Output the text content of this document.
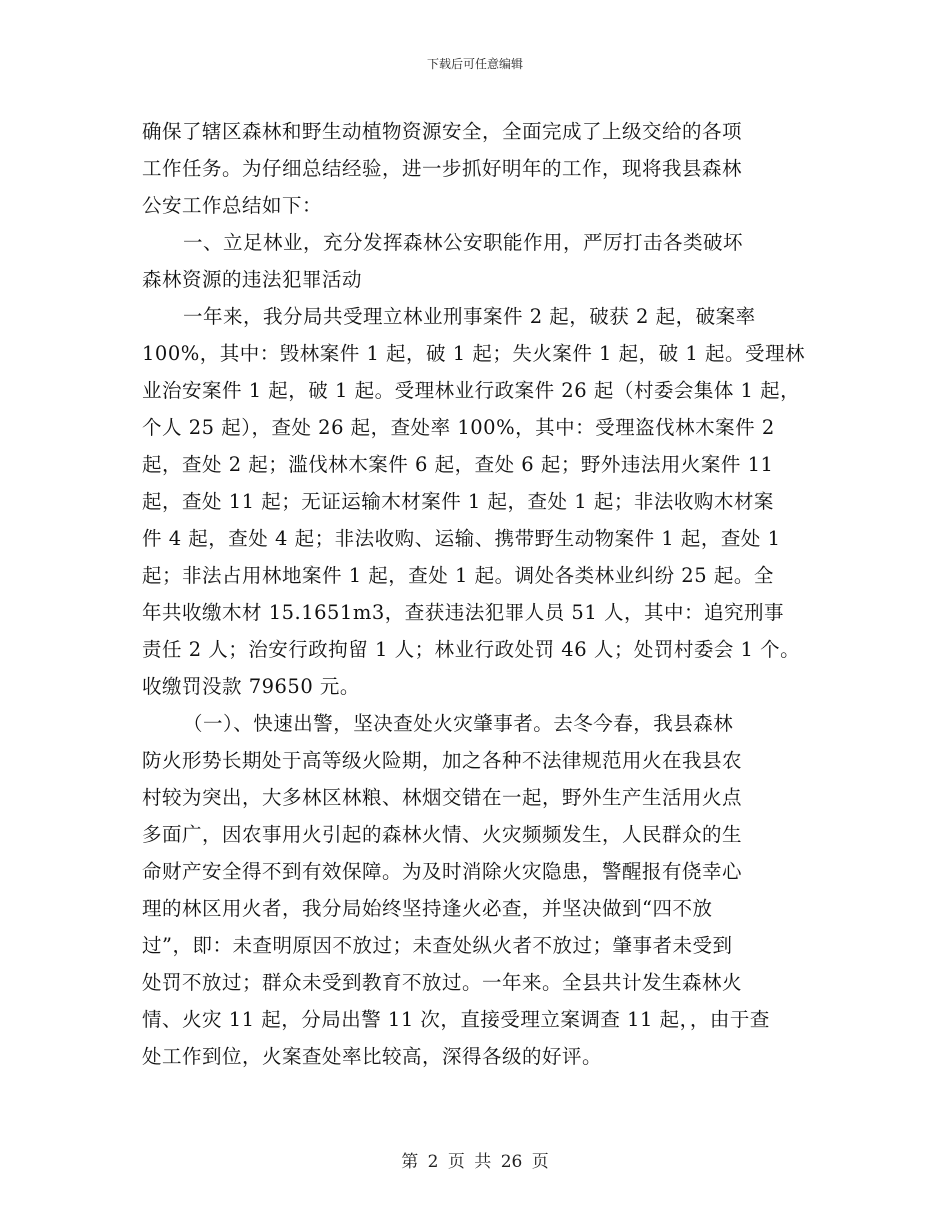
下载后可任意编辑
确保了辖区森林和野生动植物资源安全，全面完成了上级交给的各项
工作任务。为仔细总结经验，进一步抓好明年的工作，现将我县森林
公安工作总结如下：
一、立足林业，充分发挥森林公安职能作用，严厉打击各类破坏
森林资源的违法犯罪活动
一年来，我分局共受理立林业刑事案件 2 起，破获 2 起，破案率
100%，其中：毁林案件 1 起，破 1 起；失火案件 1 起，破 1 起。受理林
业治安案件 1 起，破 1 起。受理林业行政案件 26 起（村委会集体 1 起，
个人 25 起），查处 26 起，查处率 100%，其中：受理盗伐林木案件 2
起，查处 2 起；滥伐林木案件 6 起，查处 6 起；野外违法用火案件 11
起，查处 11 起；无证运输木材案件 1 起，查处 1 起；非法收购木材案
件 4 起，查处 4 起；非法收购、运输、携带野生动物案件 1 起，查处 1
起；非法占用林地案件 1 起，查处 1 起。调处各类林业纠纷 25 起。全
年共收缴木材 15.1651m3，查获违法犯罪人员 51 人，其中：追究刑事
责任 2 人；治安行政拘留 1 人；林业行政处罚 46 人；处罚村委会 1 个。
收缴罚没款 79650 元。
（一）、快速出警，坚决查处火灾肇事者。去冬今春，我县森林
防火形势长期处于高等级火险期，加之各种不法律规范用火在我县农
村较为突出，大多林区林粮、林烟交错在一起，野外生产生活用火点
多面广，因农事用火引起的森林火情、火灾频频发生，人民群众的生
命财产安全得不到有效保障。为及时消除火灾隐患，警醒报有侥幸心
理的林区用火者，我分局始终坚持逢火必查，并坚决做到“四不放
过”，即：未查明原因不放过；未查处纵火者不放过；肇事者未受到
处罚不放过；群众未受到教育不放过。一年来。全县共计发生森林火
情、火灾 11 起，分局出警 11 次，直接受理立案调查 11 起，，由于查
处工作到位，火案查处率比较高，深得各级的好评。
第 2 页 共 26 页
